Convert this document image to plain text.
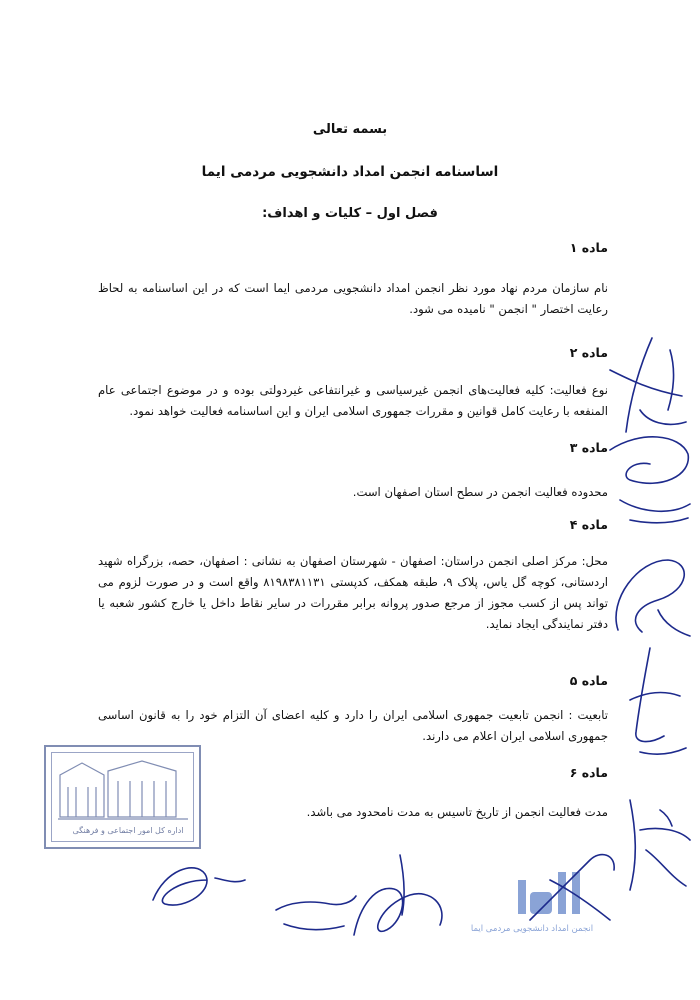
بسمه تعالی
اساسنامه انجمن امداد دانشجویی مردمی ایما
فصل اول – کلیات و اهداف:
ماده ۱
نام سازمان مردم نهاد مورد نظر انجمن امداد دانشجویی مردمی ایما است که در این اساسنامه به لحاظ رعایت اختصار " انجمن " نامیده می شود.
ماده ۲
نوع فعالیت: کلیه فعالیت‌های انجمن غیرسیاسی و غیرانتفاعی غیردولتی بوده و در موضوع اجتماعی عام المنفعه با رعایت کامل قوانین و مقررات جمهوری اسلامی ایران و این اساسنامه فعالیت خواهد نمود.
ماده ۳
محدوده فعالیت انجمن در سطح استان اصفهان است.
ماده ۴
محل: مرکز اصلی انجمن دراستان: اصفهان - شهرستان اصفهان به نشانی : اصفهان، حصه، بزرگراه شهید اردستانی، کوچه گل یاس، پلاک ۹، طبقه همکف، کدپستی ۸۱۹۸۳۸۱۱۳۱ واقع است و در صورت لزوم می تواند پس از کسب مجوز از مرجع صدور پروانه برابر مقررات در سایر نقاط داخل یا خارج کشور شعبه یا دفتر نمایندگی ایجاد نماید.
ماده ۵
تابعیت : انجمن تابعیت جمهوری اسلامی ایران را دارد و کلیه اعضای آن التزام خود را به قانون اساسی جمهوری اسلامی ایران اعلام می دارند.
ماده ۶
مدت فعالیت انجمن از تاریخ تاسیس به مدت نامحدود می باشد.
اداره کل امور اجتماعی و فرهنگی
انجمن امداد دانشجویی مردمی ایما
